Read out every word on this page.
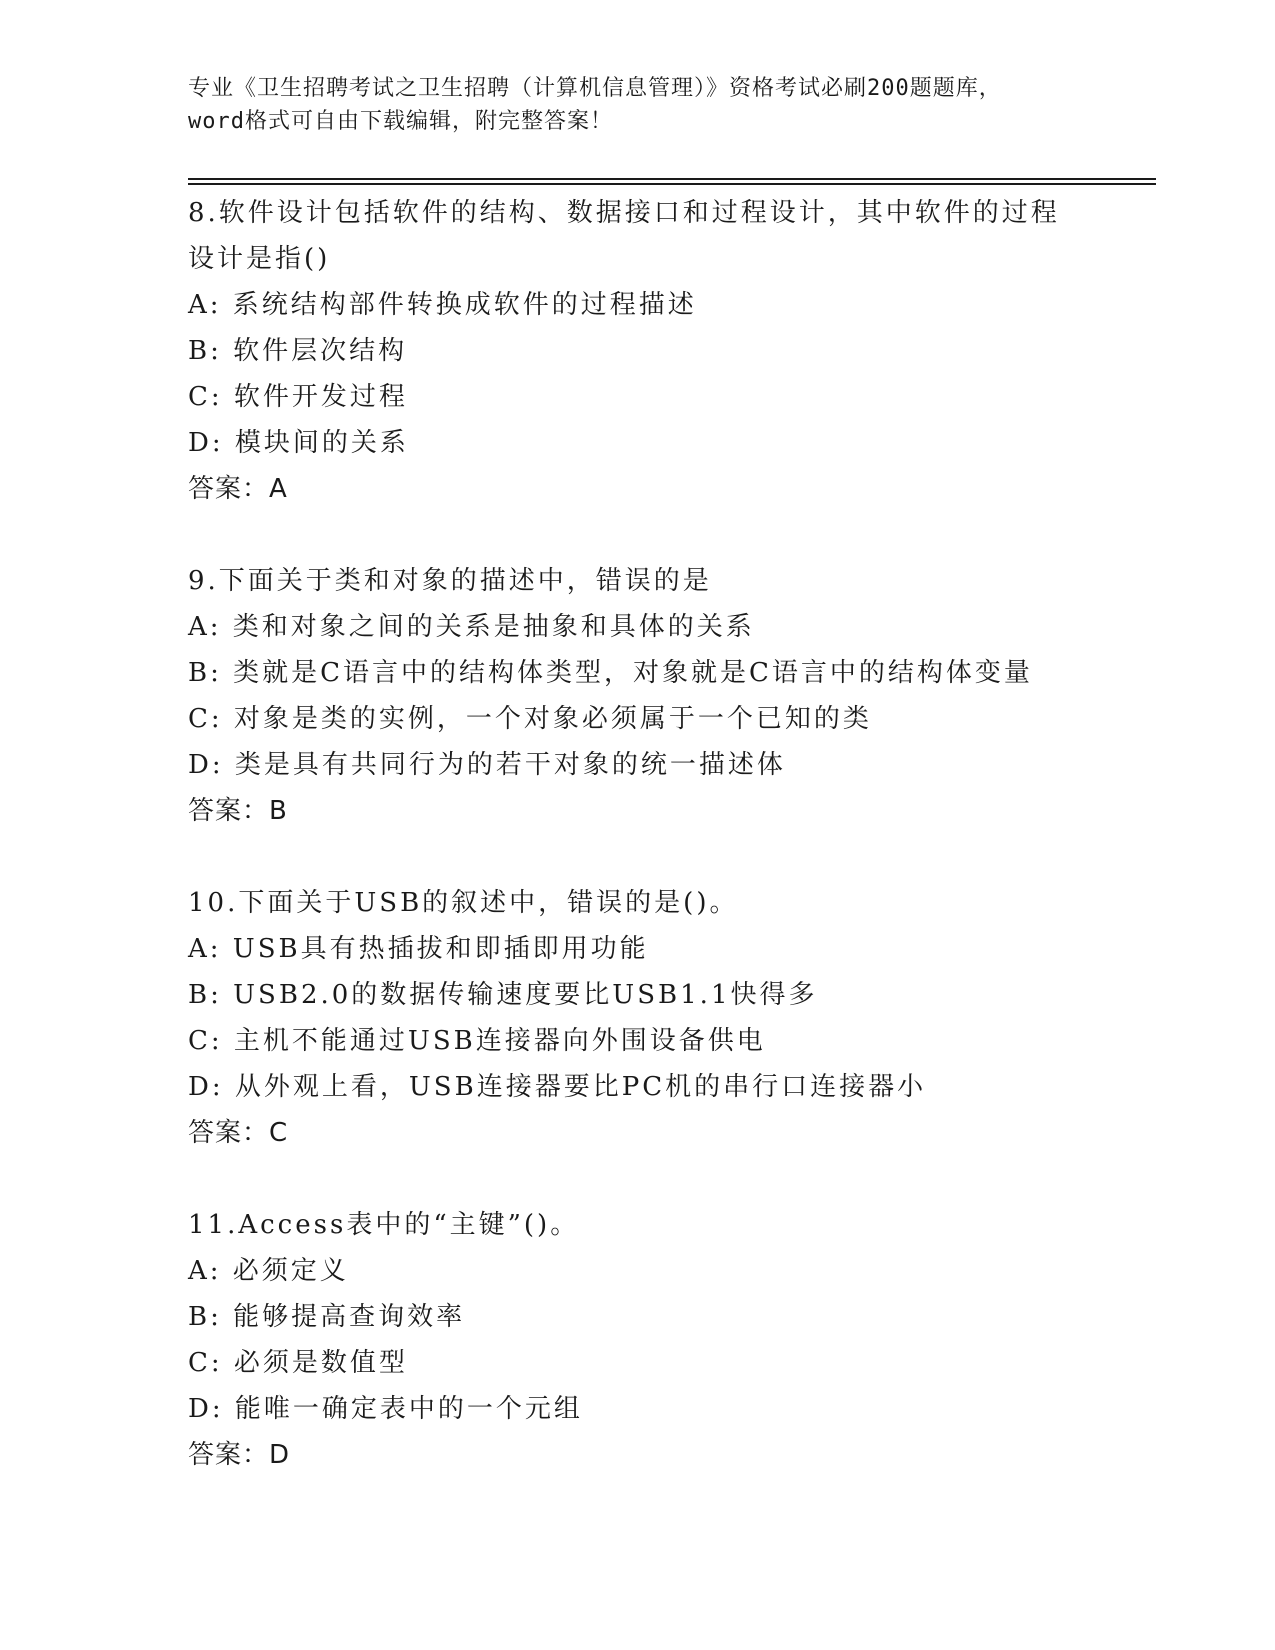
专业《卫生招聘考试之卫生招聘（计算机信息管理）》资格考试必刷200题题库，
word格式可自由下载编辑，附完整答案！
8.软件设计包括软件的结构、数据接口和过程设计，其中软件的过程
设计是指()
A: 系统结构部件转换成软件的过程描述
B: 软件层次结构
C: 软件开发过程
D: 模块间的关系
答案：A
9.下面关于类和对象的描述中，错误的是
A: 类和对象之间的关系是抽象和具体的关系
B: 类就是C语言中的结构体类型，对象就是C语言中的结构体变量
C: 对象是类的实例，一个对象必须属于一个已知的类
D: 类是具有共同行为的若干对象的统一描述体
答案：B
10.下面关于USB的叙述中，错误的是()。
A: USB具有热插拔和即插即用功能
B: USB2.0的数据传输速度要比USB1.1快得多
C: 主机不能通过USB连接器向外围设备供电
D: 从外观上看，USB连接器要比PC机的串行口连接器小
答案：C
11.Access表中的“主键”()。
A: 必须定义
B: 能够提高查询效率
C: 必须是数值型
D: 能唯一确定表中的一个元组
答案：D
